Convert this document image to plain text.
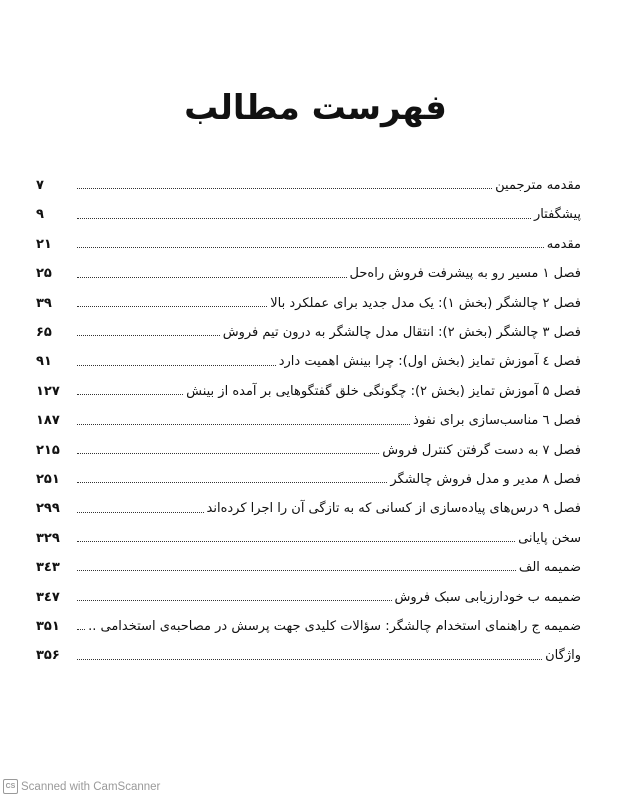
فهرست مطالب
مقدمه مترجمین
۷
پیشگفتار
۹
مقدمه
۲۱
فصل ۱ مسیر رو به پیشرفت فروش راه‌حل
۲۵
فصل ۲ چالشگر (بخش ۱): یک مدل جدید برای عملکرد بالا
۳۹
فصل ۳ چالشگر (بخش ۲): انتقال مدل چالشگر به درون تیم فروش
۶۵
فصل ٤ آموزش تمایز (بخش اول): چرا بینش اهمیت دارد
۹۱
فصل ۵ آموزش تمایز (بخش ۲): چگونگی خلق گفتگوهایی بر آمده از بینش
۱۲۷
فصل ٦ مناسب‌سازی برای نفوذ
۱۸۷
فصل ۷ به دست گرفتن کنترل فروش
۲۱۵
فصل ۸ مدیر و مدل فروش چالشگر
۲۵۱
فصل ۹ درس‌های پیاده‌سازی از کسانی که به تازگی آن را اجرا کرده‌اند
۲۹۹
سخن پایانی
۳۲۹
ضمیمه الف
۳٤۳
ضمیمه ب خودارزیابی سبک فروش
۳٤۷
ضمیمه ج راهنمای استخدام چالشگر: سؤالات کلیدی جهت پرسش در مصاحبه‌ی استخدامی ..
۳۵۱
واژگان
۳۵۶
CS Scanned with CamScanner
